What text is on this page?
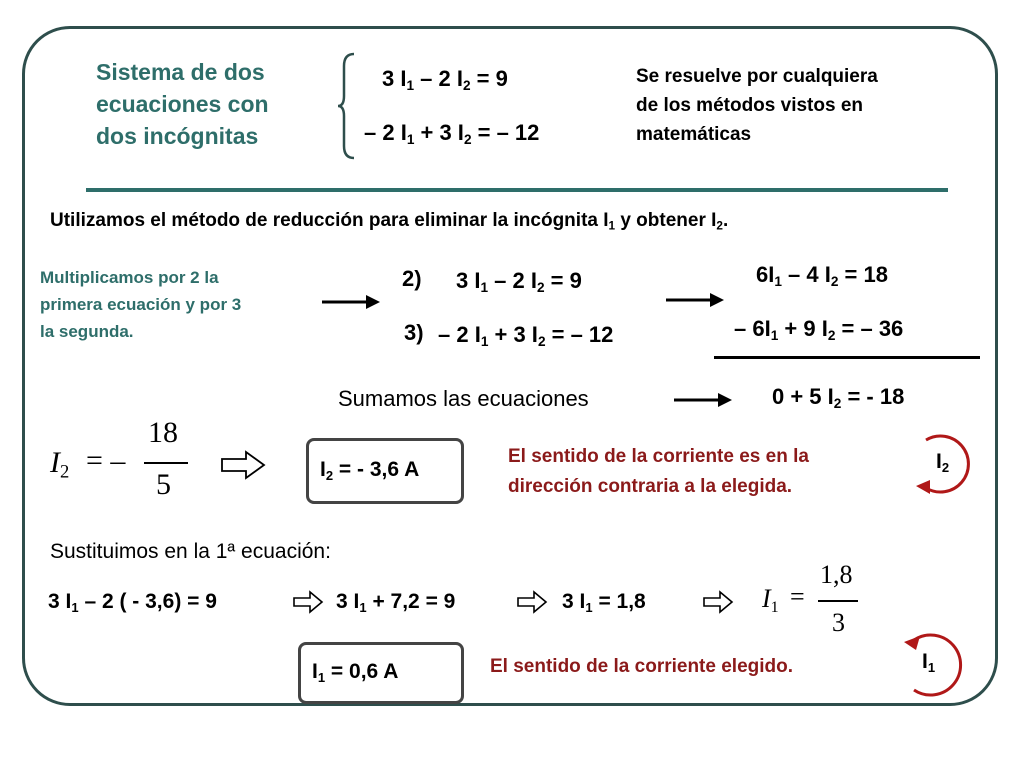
Sistema de dos
ecuaciones con
dos incógnitas
3 $I_1 - 2$ $I_2 = 9$
– 2 $I_1 + 3$ $I_2$ = – 12
Se resuelve por cualquiera
de los métodos vistos en
matemáticas
Utilizamos el método de reducción para eliminar la incógnita $I_1$ y obtener $I_2$.
Multiplicamos por 2 la
primera ecuación y por 3
la segunda.
2) 3 $I_1 - 2$ $I_2 = 9$
3) – 2 $I_1 + 3$ $I_2$ = – 12
$6I_1 - 4$ $I_2 = 18$
– $6I_1 + 9$ $I_2$ = – 36
0 + 5 $I_2$ = - 18
Sumamos las ecuaciones
$I_2$ = –
18
5	$I_2$ = - 3,6 A
El sentido de la corriente es en la
dirección contraria a la elegida.
$I_2$
Sustituimos en la 1ª ecuación:
3 $I_1 - 2$ ( - 3,6) = 9	3 $I_1 + 7,2 = 9$	3 $I_1 = 1,8$	$I_1$ =
1,8
3
$I_1 = 0,6$ A	El sentido de la corriente elegido.	$I_1$
